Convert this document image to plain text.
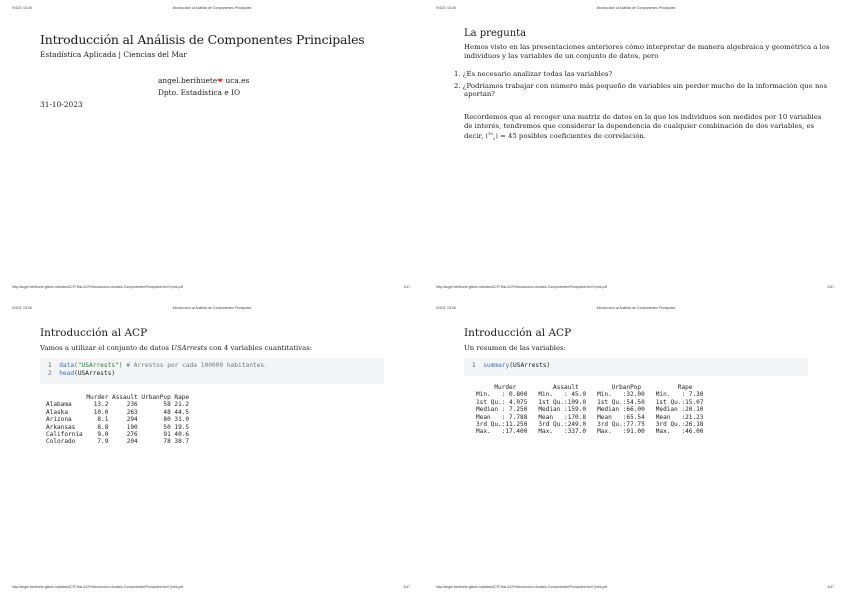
9/4/23, 03:46	Introducción al Análisis de Componentes Principales
Introducción al Análisis de Componentes Principales
Estadística Aplicada | Ciencias del Mar
angel.berihuete❤ uca.es
Dpto. Estadística e IO
31-10-2023
http://angel.berihuete.github.io/slides/ACP/Test-ACP/Introduccion-Analisis-ComponentesPrincipales.html?print-pdf	1/47
9/4/23, 03:46	Introducción al Análisis de Componentes Principales
La pregunta
Hemos visto en las presentaciones anteriores cómo interpretar de manera algebraica y geométrica a los individuos y las variables de un conjunto de datos, pero
1. ¿Es necesario analizar todas las variables?
2. ¿Podríamos trabajar con número más pequeño de variables sin perder mucho de la información que nos aportan?
Recordemos que al recoger una matriz de datos en la que los individuos son medidos por 10 variables de interés, tendremos que considerar la dependencia de cualquier combinación de dos variables, es decir, ($^{10}_2$) = 45 posibles coeficientes de correlación.
http://angel.berihuete.github.io/slides/ACP/Test-ACP/Introduccion-Analisis-ComponentesPrincipales.html?print-pdf	2/47
9/4/23, 03:46	Introducción al Análisis de Componentes Principales
Introducción al ACP
Vamos a utilizar el conjunto de datos USArrests con 4 variables cuantitativas:
1 data("USArrests") # Arrestos por cada 100000 habitantes.
2 head(USArrests)
Murder Assault UrbanPop Rape
Alabama      13.2     236       58 21.2
Alaska       10.0     263       48 44.5
Arizona       8.1     294       80 31.0
Arkansas      8.8     190       50 19.5
California    9.0     276       91 40.6
Colorado      7.9     204       78 38.7
http://angel.berihuete.github.io/slides/ACP/Test-ACP/Introduccion-Analisis-ComponentesPrincipales.html?print-pdf	3/47
9/4/23, 03:46	Introducción al Análisis de Componentes Principales
Introducción al ACP
Un resumen de las variables:
1 summary(USArrests)
Murder          Assault         UrbanPop          Rape
Min.   : 0.800   Min.   : 45.0   Min.   :32.00   Min.   : 7.30
1st Qu.: 4.075   1st Qu.:109.0   1st Qu.:54.50   1st Qu.:15.07
Median : 7.250   Median :159.0   Median :66.00   Median :20.10
Mean   : 7.788   Mean   :170.8   Mean   :65.54   Mean   :21.23
3rd Qu.:11.250   3rd Qu.:249.0   3rd Qu.:77.75   3rd Qu.:26.18
Max.   :17.400   Max.   :337.0   Max.   :91.00   Max.   :46.00
http://angel.berihuete.github.io/slides/ACP/Test-ACP/Introduccion-Analisis-ComponentesPrincipales.html?print-pdf	4/47
